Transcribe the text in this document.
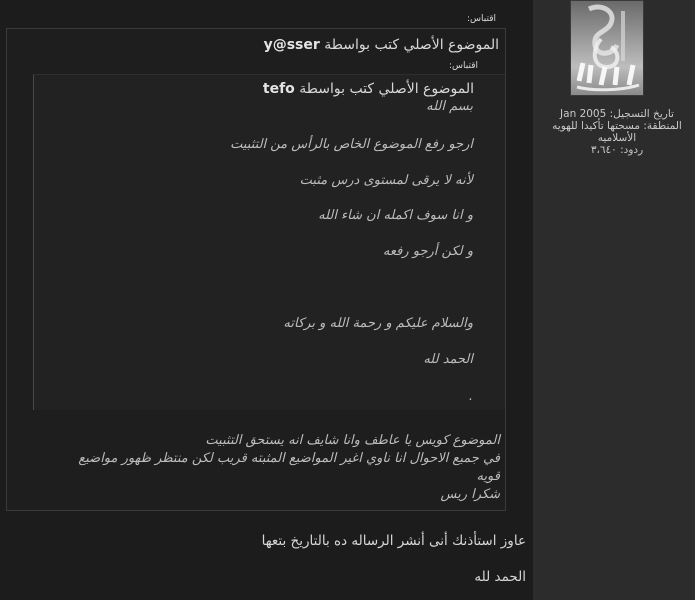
تاريخ التسجيل: Jan 2005
المنطقة: مسحتها تأكيدا للهويه الأسلاميه
ردود: ٣،٦٤٠
اقتباس:
الموضوع الأصلي كتب بواسطة y@sser
اقتباس:
الموضوع الأصلي كتب بواسطة tefo
بسم الله
ارجو رفع الموضوع الخاص بالرأس من التثبيت
لأنه لا يرقى لمستوى درس مثبت
و انا سوف اكمله ان شاء الله
و لكن أرجو رفعه
والسلام عليكم و رحمة الله و بركاته
الحمد لله
.
الموضوع كويس يا عاطف وانا شايف انه يستحق التثبيت
في جميع الاحوال انا ناوي اغير المواضيع المثبته قريب لكن منتظر ظهور مواضيع
قويه
شكرا ريس
عاوز استأذنك أنى أنشر الرساله ده بالتاريخ بتعها
الحمد لله
